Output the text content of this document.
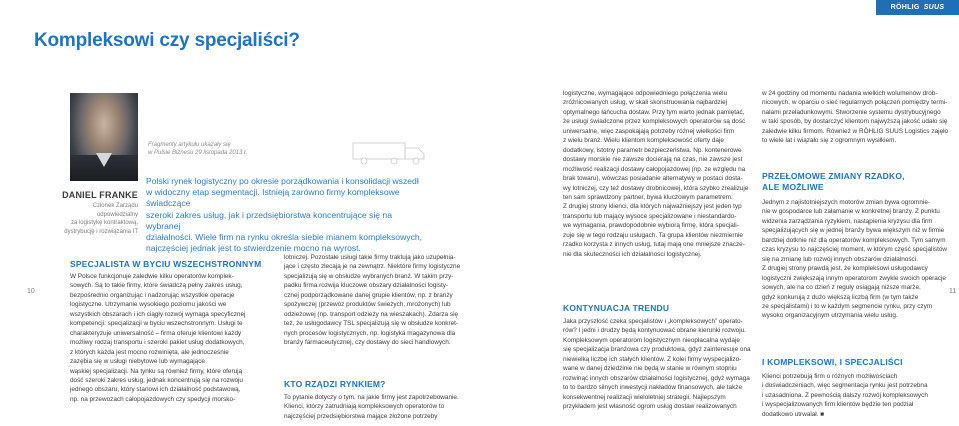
RÖHLIG SUUS
Kompleksowi czy specjaliści?
DANIEL FRANKE
Członek Zarządu
odpowiedzialny
za logistykę kontraktową,
dystrybucję i rozwiązania IT
Fragmenty artykułu ukazały się
w Pulsie Biznesu 29 listopada 2013 r.
Polski rynek logistyczny po okresie porządkowania i konsolidacji wszedł
w widoczny etap segmentacji. Istnieją zarówno firmy kompleksowe świadczące
szeroki zakres usług, jak i przedsiębiorstwa koncentrujące się na wybranej
działalności. Wiele firm na rynku określa siebie mianem kompleksowych,
najczęściej jednak jest to stwierdzenie mocno na wyrost.
10	11
SPECJALISTA W BYCIU WSZECHSTRONNYM
W Polsce funkcjonuje zaledwie kilku operatorów komplek-
sowych. Są to takie firmy, które świadczą pełny zakres usług,
bezpośrednio organizując i nadzorując wszystkie operacje
logistyczne. Utrzymanie wysokiego poziomu jakości we
wszystkich obszarach i ich ciągły rozwój wymaga specyficznej
kompetencji: specjalizacji w byciu wszechstronnym. Usługi te
charakteryzuje uniwersalność – firma oferuje klientowi każdy
możliwy rodzaj transportu i szeroki pakiet usług dodatkowych,
z których każda jest mocno rozwinięta, ale jednocześnie
zazębia się w usługi niebytowe lub wymagające
wąskiej specjalizacji. Na tynku są również firmy, które oferują
dość szeroki zakres usług, jednak koncentrują się na rozwoju
jednego obszaru, który stanowi ich działalność podstawową,
np. na przewozach całopojazdowych czy spedycji morsko-
lotniczej. Pozostałe usługi takie firmy traktują jako uzupełnia-
jące i często zlecają je na zewnątrz. Niektóre firmy logistyczne
specjalizują się w obsłudze wybranych branż. W takim przy-
padku firma rozwija kluczowe obszary działalności logisty-
cznej podporządkowane danej grupie klientów, np. z branży
spożywczej (przewóz produktów świeżych, mrożonych) lub
odzieżowej (np. transport odzieży na wieszakach). Zdarza się
też, że usługodawcy TSL specjalizują się w obsłudze konkret-
nych procesów logistycznych, np. logistyka magazynowa dla
branży farmaceutycznej, czy dostawy do sieci handlowych.
KTO RZĄDZI RYNKIEM?
To pytanie dotyczy o tym, na jakie firmy jest zapotrzebowanie.
Klienci, którzy zatrudniają kompleksowych operatorów to
najczęściej przedsiębiorstwa mające złożone potrzeby
logistyczne, wymagające odpowiedniego połączenia wielu
zróżnicowanych usług, w skali skonstruowania najbardziej
optymalnego łańcucha dostaw. Przy tym warto jednak pamiętać,
że usługi świadczone przez kompleksowych operatorów są dość
uniwersalne, więc zaspokajają potrzeby różnej wielkości firm
z wielu branż. Wielu klientom kompleksowość oferty daje
dodatkowy, istotny parametr bezpieczeństwa. Np. kontenerowe
dostawy morskie nie zawsze docierają na czas, nie zawsze jest
możliwość realizacji dostawy całopojazdowej (np. ze względu na
brak towaru), wówczas posiadanie alternatywy w postaci dosta-
wy lotniczej, czy też dostawy drobnicowej, która szybko zrealizuje
ten sam sprawdzony partner, bywa kluczowym parametrem.
Z drugiej strony klienci, dla których najważniejszy jest jeden typ
transportu lub mający wysoce specjalizowane i niestandardo-
we wymagania, prawdopodobnie wybiorą firmę, która specjali-
zuje się w tego rodzaju usługach. Ta grupa klientów niezmiernie
rzadko korzysta z innych usług, tutaj mają one mniejsze znacze-
nie dla skuteczności ich działalności logistycznej.
KONTYNUACJA TRENDU
Jaka przyszłość czeka specjalistów i „kompleksowych” operato-
rów? I jedni i drudzy będą kontynuować obrane kierunki rozwoju.
Kompleksowym operatorom logistycznym nieopłacalna wydaje
się specjalizacja branżowa czy produktowa, gdyż zainteresuje ona
niewielką liczbę ich stałych klientów. Z kolei firmy wyspecjalizo-
wane w danej dziedzinie nie będą w stanie w równym stopniu
rozwinąć innych obszarów działalności logistycznej, gdyż wymaga
to to bardzo silnych inwestycji nakładów finansowych, ale także
konsekwentnej realizacji wieloletniej strategii. Najlepszym
przykładem jest własność ogrom usług dostaw realizowanych
w 24 godziny od momentu nadania wielkich wolumenów drob-
nicowych, w oparciu o sieć regularnych połączeń pomiędzy termi-
nalami przeładunkowymi. Stworzenie systemu dystrybucyjnego
w taki sposób, by dostarczyć klientom najwyższą jakość udało się
zaledwie kilku firmom. Również w RÖHLIG SUUS Logistics zajęło
to wiele lat i wiązało się z ogromnym wysiłkiem.
PRZEŁOMOWE ZMIANY RZADKO,
ALE MOŻLIWE
Jednym z najistotniejszych motorów zmian bywa ogromnie-
nie w gospodarce lub załamanie w konkretnej branży. Z punktu
widzenia zarządzania ryzykiem, nastąpienia kryzysu dla firm
specjalizujących się w jednej branży bywa większym niż w firmie
bardziej dotknie niż dla operatorów kompleksowych. Tym samym
czas kryzysu to najczęściej moment, w którym część specjalistów
się na zmianę lub rozwój innych obszarów działalności.
Z drugiej strony prawdą jest, że kompleksowi usługodawcy
logistyczni zwiększają innym operatorom zwykle swoich operacje
sowych, ale na co dzień z reguły osiągają niższe marże,
gdyż konkurują z dużo większą liczbą firm (w tym także
ze specjalistami) i to w każdym segmencie rynku, przy czym
wysoko organizacyjnym utrzymania wielu usług.
I KOMPLEKSOWI, I SPECJALIŚCI
Klienci potrzebują firm o różnych możliwościach
i doświadczeniach, więc segmentacja rynku jest potrzebna
i uzasadniona. Z pewnością dalszy rozwój kompleksowych
i wyspecjalizowanych firm klientów będzie ten podział
dodatkowo utrwalał. ■
